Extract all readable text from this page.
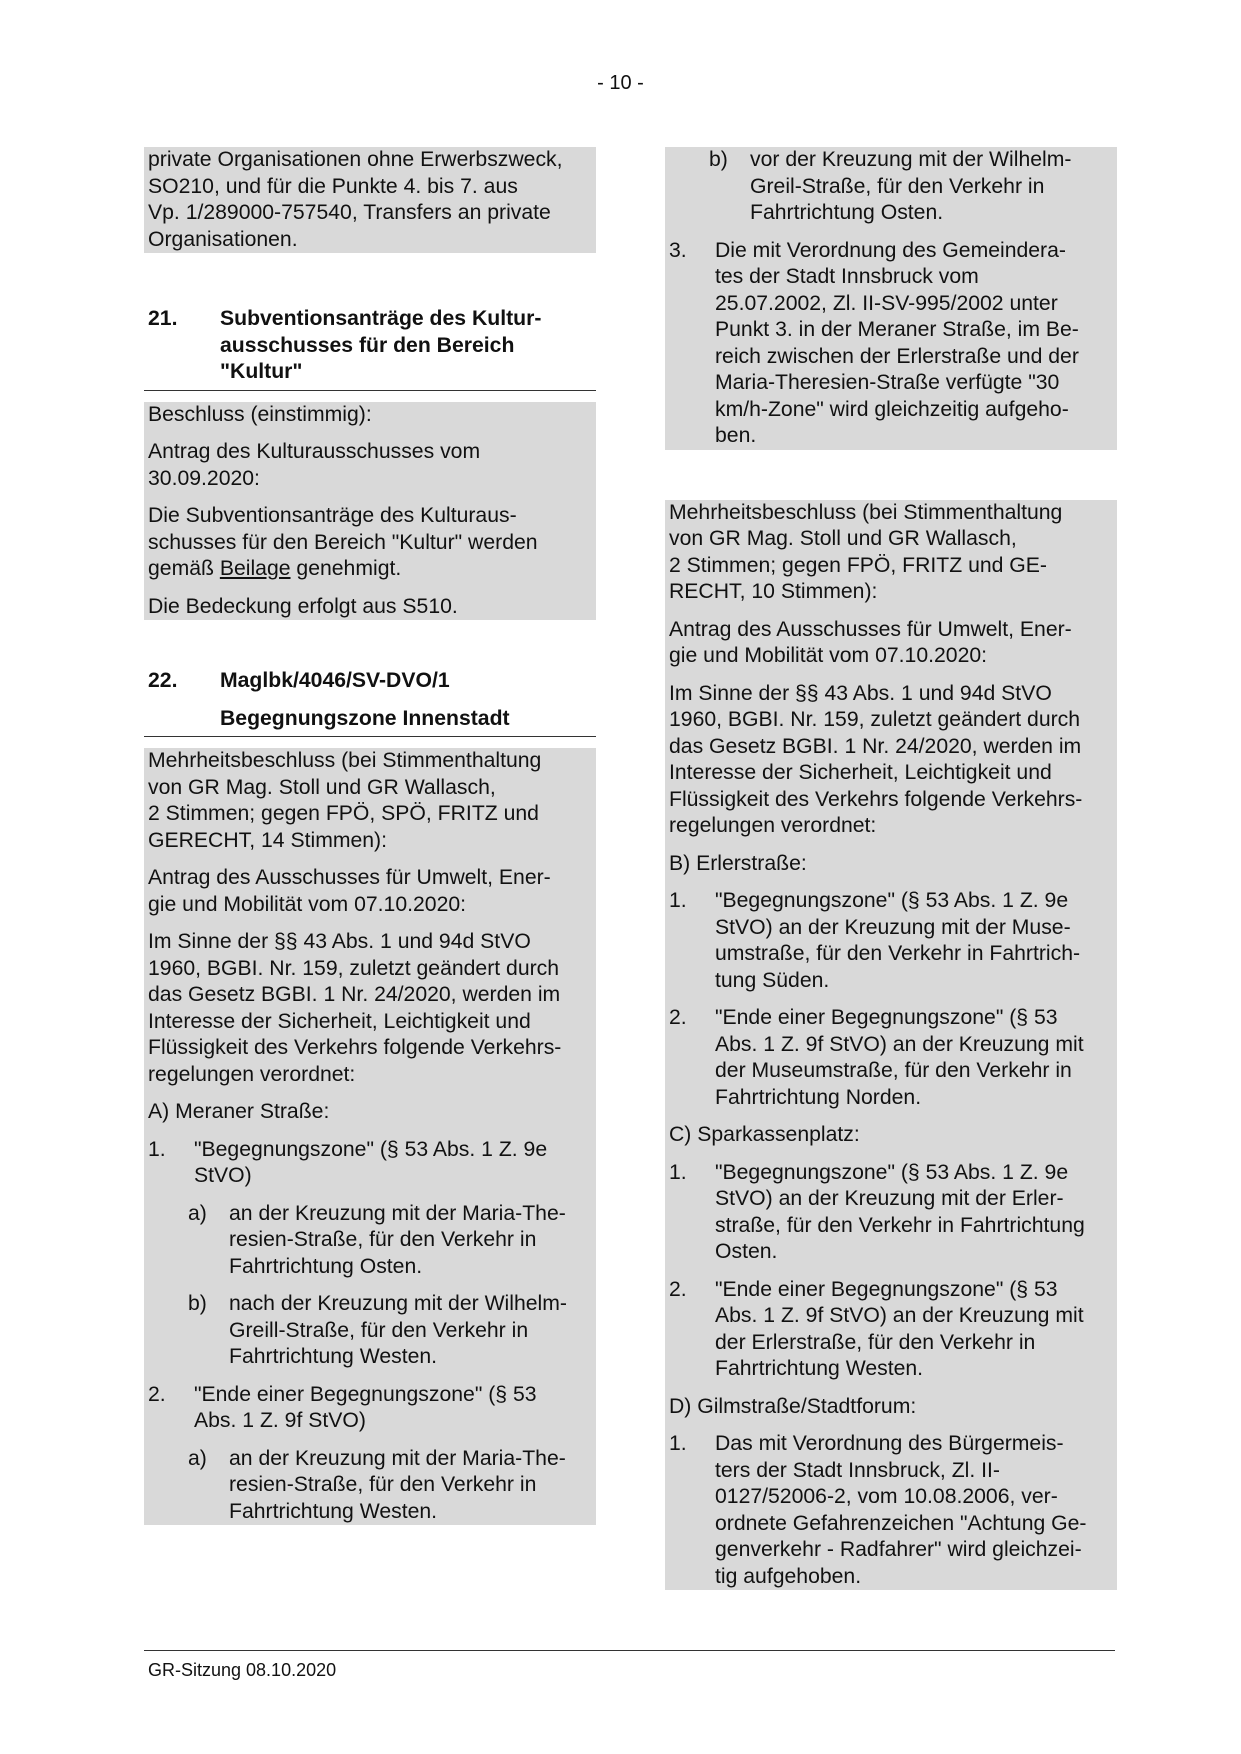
- 10 -
private Organisationen ohne Erwerbszweck,
SO210, und für die Punkte 4. bis 7. aus
Vp. 1/289000-757540, Transfers an private
Organisationen.
21.	Subventionsanträge des Kultur-
ausschusses für den Bereich
"Kultur"
Beschluss (einstimmig):
Antrag des Kulturausschusses vom
30.09.2020:
Die Subventionsanträge des Kulturaus-
schusses für den Bereich "Kultur" werden
gemäß Beilage genehmigt.
Die Bedeckung erfolgt aus S510.
22.	Maglbk/4046/SV-DVO/1
Begegnungszone Innenstadt
Mehrheitsbeschluss (bei Stimmenthaltung
von GR Mag. Stoll und GR Wallasch,
2 Stimmen; gegen FPÖ, SPÖ, FRITZ und
GERECHT, 14 Stimmen):
Antrag des Ausschusses für Umwelt, Ener-
gie und Mobilität vom 07.10.2020:
Im Sinne der §§ 43 Abs. 1 und 94d StVO
1960, BGBI. Nr. 159, zuletzt geändert durch
das Gesetz BGBI. 1 Nr. 24/2020, werden im
Interesse der Sicherheit, Leichtigkeit und
Flüssigkeit des Verkehrs folgende Verkehrs-
regelungen verordnet:
A) Meraner Straße:
1.	"Begegnungszone" (§ 53 Abs. 1 Z. 9e
StVO)
a)	an der Kreuzung mit der Maria-The-
resien-Straße, für den Verkehr in
Fahrtrichtung Osten.
b)	nach der Kreuzung mit der Wilhelm-
Greill-Straße, für den Verkehr in
Fahrtrichtung Westen.
2.	"Ende einer Begegnungszone" (§ 53
Abs. 1 Z. 9f StVO)
a)	an der Kreuzung mit der Maria-The-
resien-Straße, für den Verkehr in
Fahrtrichtung Westen.
b)	vor der Kreuzung mit der Wilhelm-
Greil-Straße, für den Verkehr in
Fahrtrichtung Osten.
3.	Die mit Verordnung des Gemeindera-
tes der Stadt Innsbruck vom
25.07.2002, Zl. II-SV-995/2002 unter
Punkt 3. in der Meraner Straße, im Be-
reich zwischen der Erlerstraße und der
Maria-Theresien-Straße verfügte "30
km/h-Zone" wird gleichzeitig aufgeho-
ben.
Mehrheitsbeschluss (bei Stimmenthaltung
von GR Mag. Stoll und GR Wallasch,
2 Stimmen; gegen FPÖ, FRITZ und GE-
RECHT, 10 Stimmen):
Antrag des Ausschusses für Umwelt, Ener-
gie und Mobilität vom 07.10.2020:
Im Sinne der §§ 43 Abs. 1 und 94d StVO
1960, BGBI. Nr. 159, zuletzt geändert durch
das Gesetz BGBI. 1 Nr. 24/2020, werden im
Interesse der Sicherheit, Leichtigkeit und
Flüssigkeit des Verkehrs folgende Verkehrs-
regelungen verordnet:
B) Erlerstraße:
1.	"Begegnungszone" (§ 53 Abs. 1 Z. 9e
StVO) an der Kreuzung mit der Muse-
umstraße, für den Verkehr in Fahrtrich-
tung Süden.
2.	"Ende einer Begegnungszone" (§ 53
Abs. 1 Z. 9f StVO) an der Kreuzung mit
der Museumstraße, für den Verkehr in
Fahrtrichtung Norden.
C) Sparkassenplatz:
1.	"Begegnungszone" (§ 53 Abs. 1 Z. 9e
StVO) an der Kreuzung mit der Erler-
straße, für den Verkehr in Fahrtrichtung
Osten.
2.	"Ende einer Begegnungszone" (§ 53
Abs. 1 Z. 9f StVO) an der Kreuzung mit
der Erlerstraße, für den Verkehr in
Fahrtrichtung Westen.
D) Gilmstraße/Stadtforum:
1.	Das mit Verordnung des Bürgermeis-
ters der Stadt Innsbruck, Zl. II-
0127/52006-2, vom 10.08.2006, ver-
ordnete Gefahrenzeichen "Achtung Ge-
genverkehr - Radfahrer" wird gleichzei-
tig aufgehoben.
GR-Sitzung 08.10.2020
